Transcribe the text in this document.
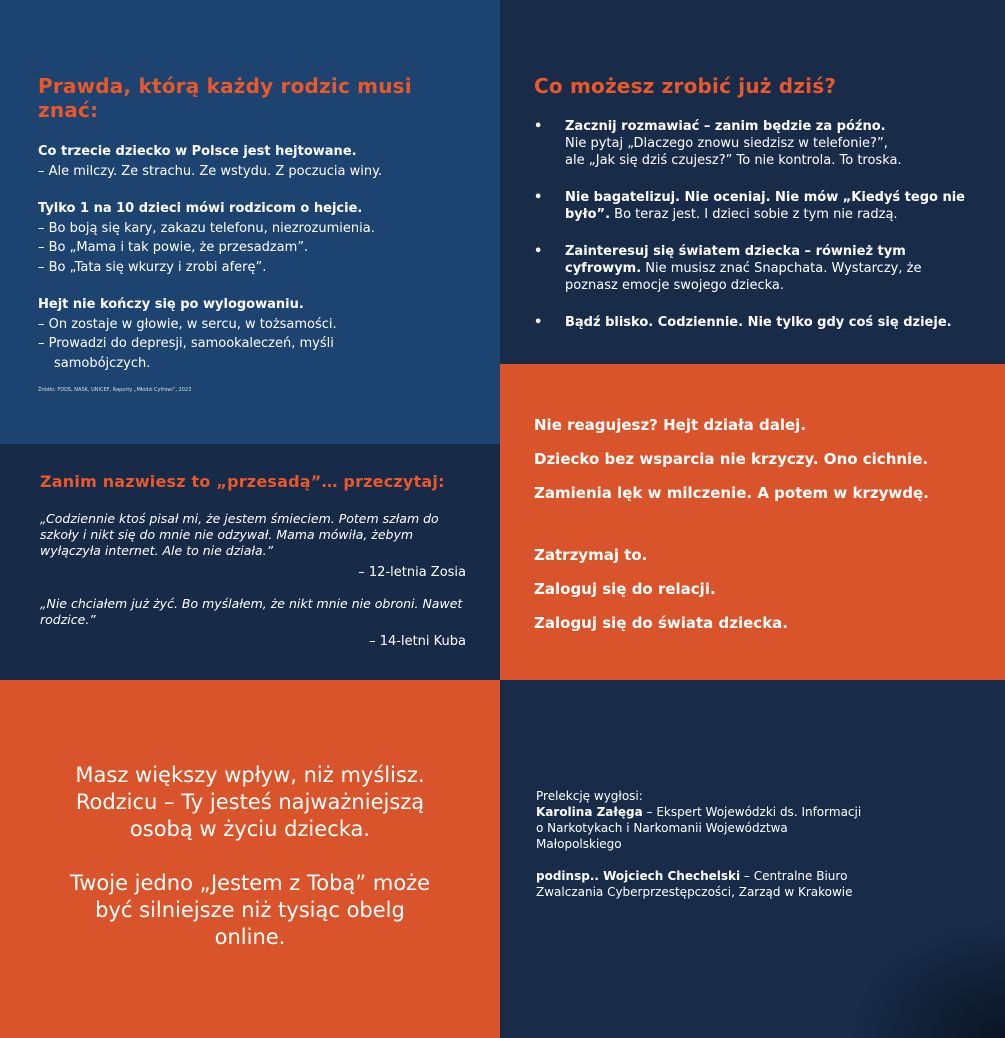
Prawda, którą każdy rodzic musi znać:

Co trzecie dziecko w Polsce jest hejtowane.
– Ale milczy. Ze strachu. Ze wstydu. Z poczucia winy.

Tylko 1 na 10 dzieci mówi rodzicom o hejcie.
– Bo boją się kary, zakazu telefonu, niezrozumienia.
– Bo „Mama i tak powie, że przesadzam”.
– Bo „Tata się wkurzy i zrobi aferę”.

Hejt nie kończy się po wylogowaniu.
– On zostaje w głowie, w sercu, w tożsamości.
– Prowadzi do depresji, samookaleczeń, myśli
samobójczych.

Źródło: FDDS, NASK, UNICEF, Raporty „Młodzi Cyfrowi”, 2023
Co możesz zrobić już dziś?
• Zacznij rozmawiać – zanim będzie za późno.
Nie pytaj „Dlaczego znowu siedzisz w telefonie?”,
ale „Jak się dziś czujesz?” To nie kontrola. To troska.
• Nie bagatelizuj. Nie oceniaj. Nie mów „Kiedyś tego nie było”. Bo teraz jest. I dzieci sobie z tym nie radzą.
• Zainteresuj się światem dziecka – również tym cyfrowym. Nie musisz znać Snapchata. Wystarczy, że poznasz emocje swojego dziecka.
• Bądź blisko. Codziennie. Nie tylko gdy coś się dzieje.
Zanim nazwiesz to „przesadą”… przeczytaj:

„Codziennie ktoś pisał mi, że jestem śmieciem. Potem szłam do szkoły i nikt się do mnie nie odzywał. Mama mówiła, żebym wyłączyła internet. Ale to nie działa.”

– 12-letnia Zosia

„Nie chciałem już żyć. Bo myślałem, że nikt mnie nie obroni. Nawet rodzice.”

– 14-letni Kuba

Nie reagujesz? Hejt działa dalej.

Dziecko bez wsparcia nie krzyczy. Ono cichnie.

Zamienia lęk w milczenie. A potem w krzywdę.

Zatrzymaj to.

Zaloguj się do relacji.

Zaloguj się do świata dziecka.

Masz większy wpływ, niż myślisz.
Rodzicu – Ty jesteś najważniejszą
osobą w życiu dziecka.

Twoje jedno „Jestem z Tobą” może
być silniejsze niż tysiąc obelg
online.

Prelekcję wygłosi:
Karolina Załęga – Ekspert Wojewódzki ds. Informacji
o Narkotykach i Narkomanii Województwa
Małopolskiego

podinsp.. Wojciech Chechelski – Centralne Biuro
Zwalczania Cyberprzestępczości, Zarząd w Krakowie
